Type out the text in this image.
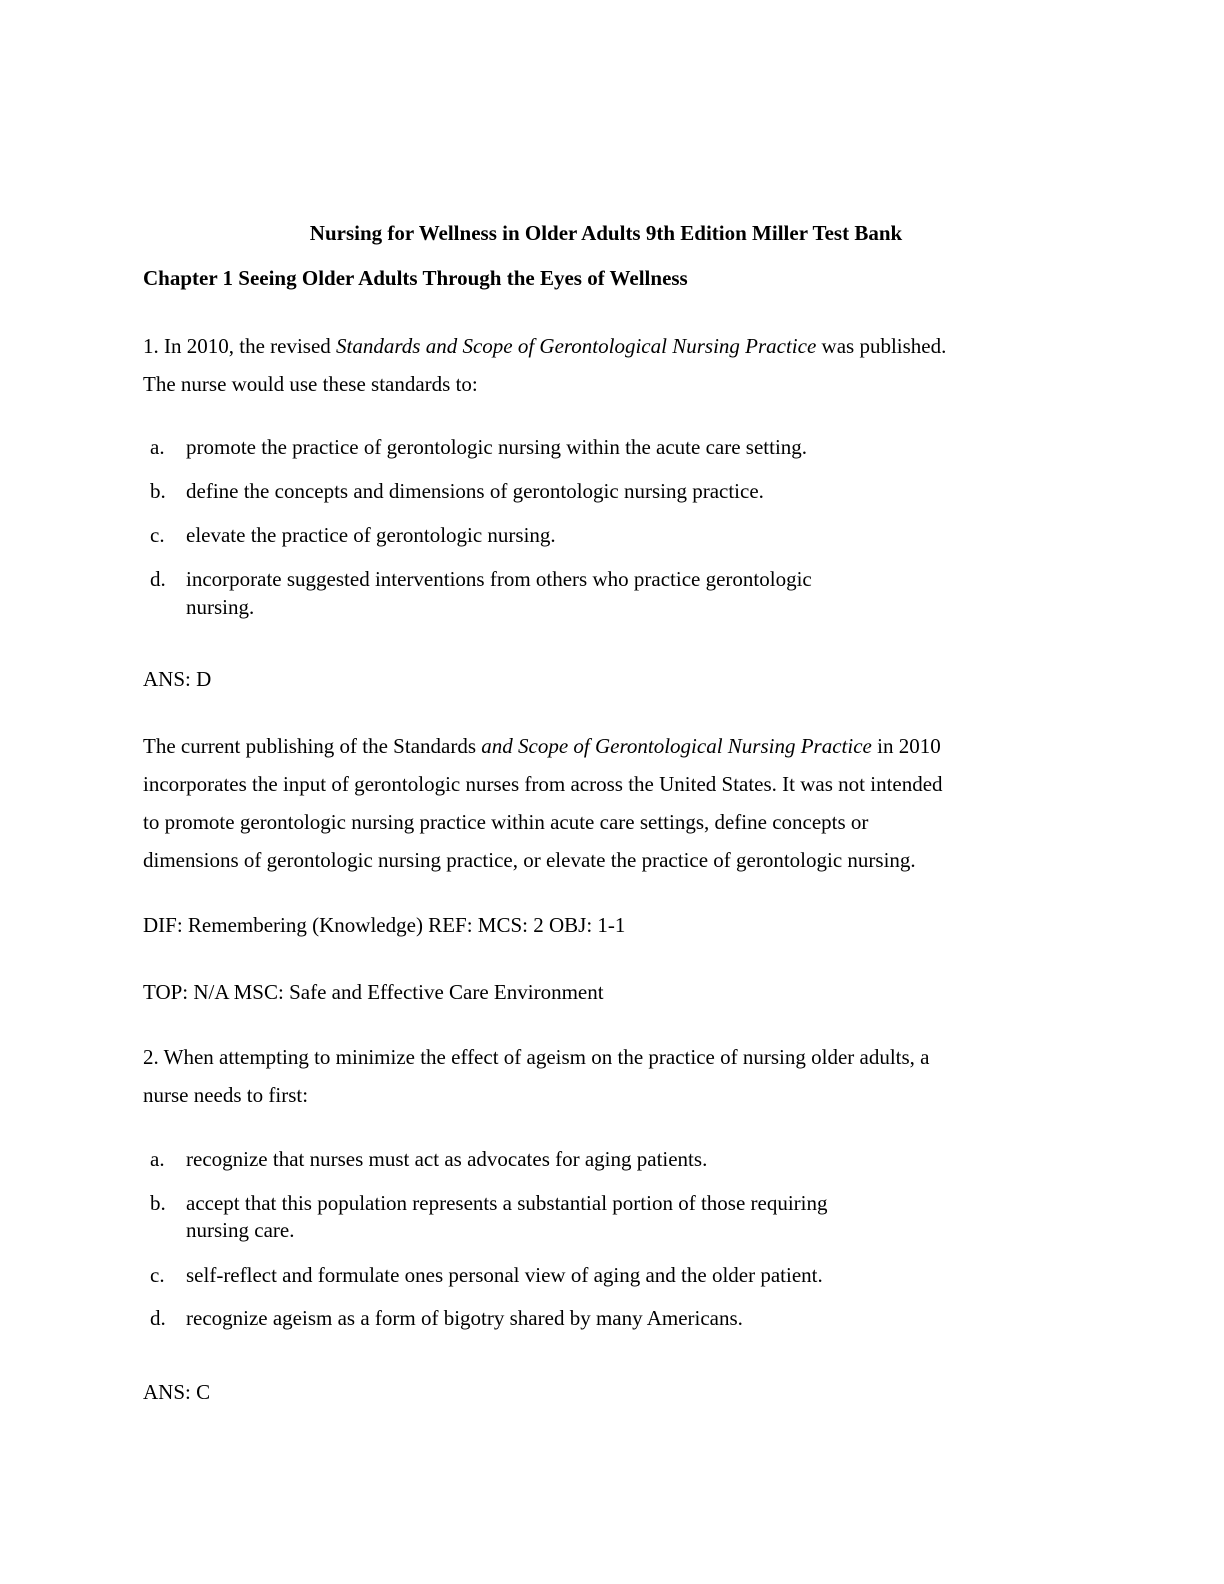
Nursing for Wellness in Older Adults 9th Edition Miller Test Bank
Chapter 1 Seeing Older Adults Through the Eyes of Wellness
1. In 2010, the revised Standards and Scope of Gerontological Nursing Practice was published.
The nurse would use these standards to:
a. promote the practice of gerontologic nursing within the acute care setting.
b. define the concepts and dimensions of gerontologic nursing practice.
c. elevate the practice of gerontologic nursing.
d. incorporate suggested interventions from others who practice gerontologic
nursing.
ANS: D
The current publishing of the Standards and Scope of Gerontological Nursing Practice in 2010
incorporates the input of gerontologic nurses from across the United States. It was not intended
to promote gerontologic nursing practice within acute care settings, define concepts or
dimensions of gerontologic nursing practice, or elevate the practice of gerontologic nursing.
DIF: Remembering (Knowledge) REF: MCS: 2 OBJ: 1-1
TOP: N/A MSC: Safe and Effective Care Environment
2. When attempting to minimize the effect of ageism on the practice of nursing older adults, a
nurse needs to first:
a. recognize that nurses must act as advocates for aging patients.
b. accept that this population represents a substantial portion of those requiring
nursing care.
c. self-reflect and formulate ones personal view of aging and the older patient.
d. recognize ageism as a form of bigotry shared by many Americans.
ANS: C
